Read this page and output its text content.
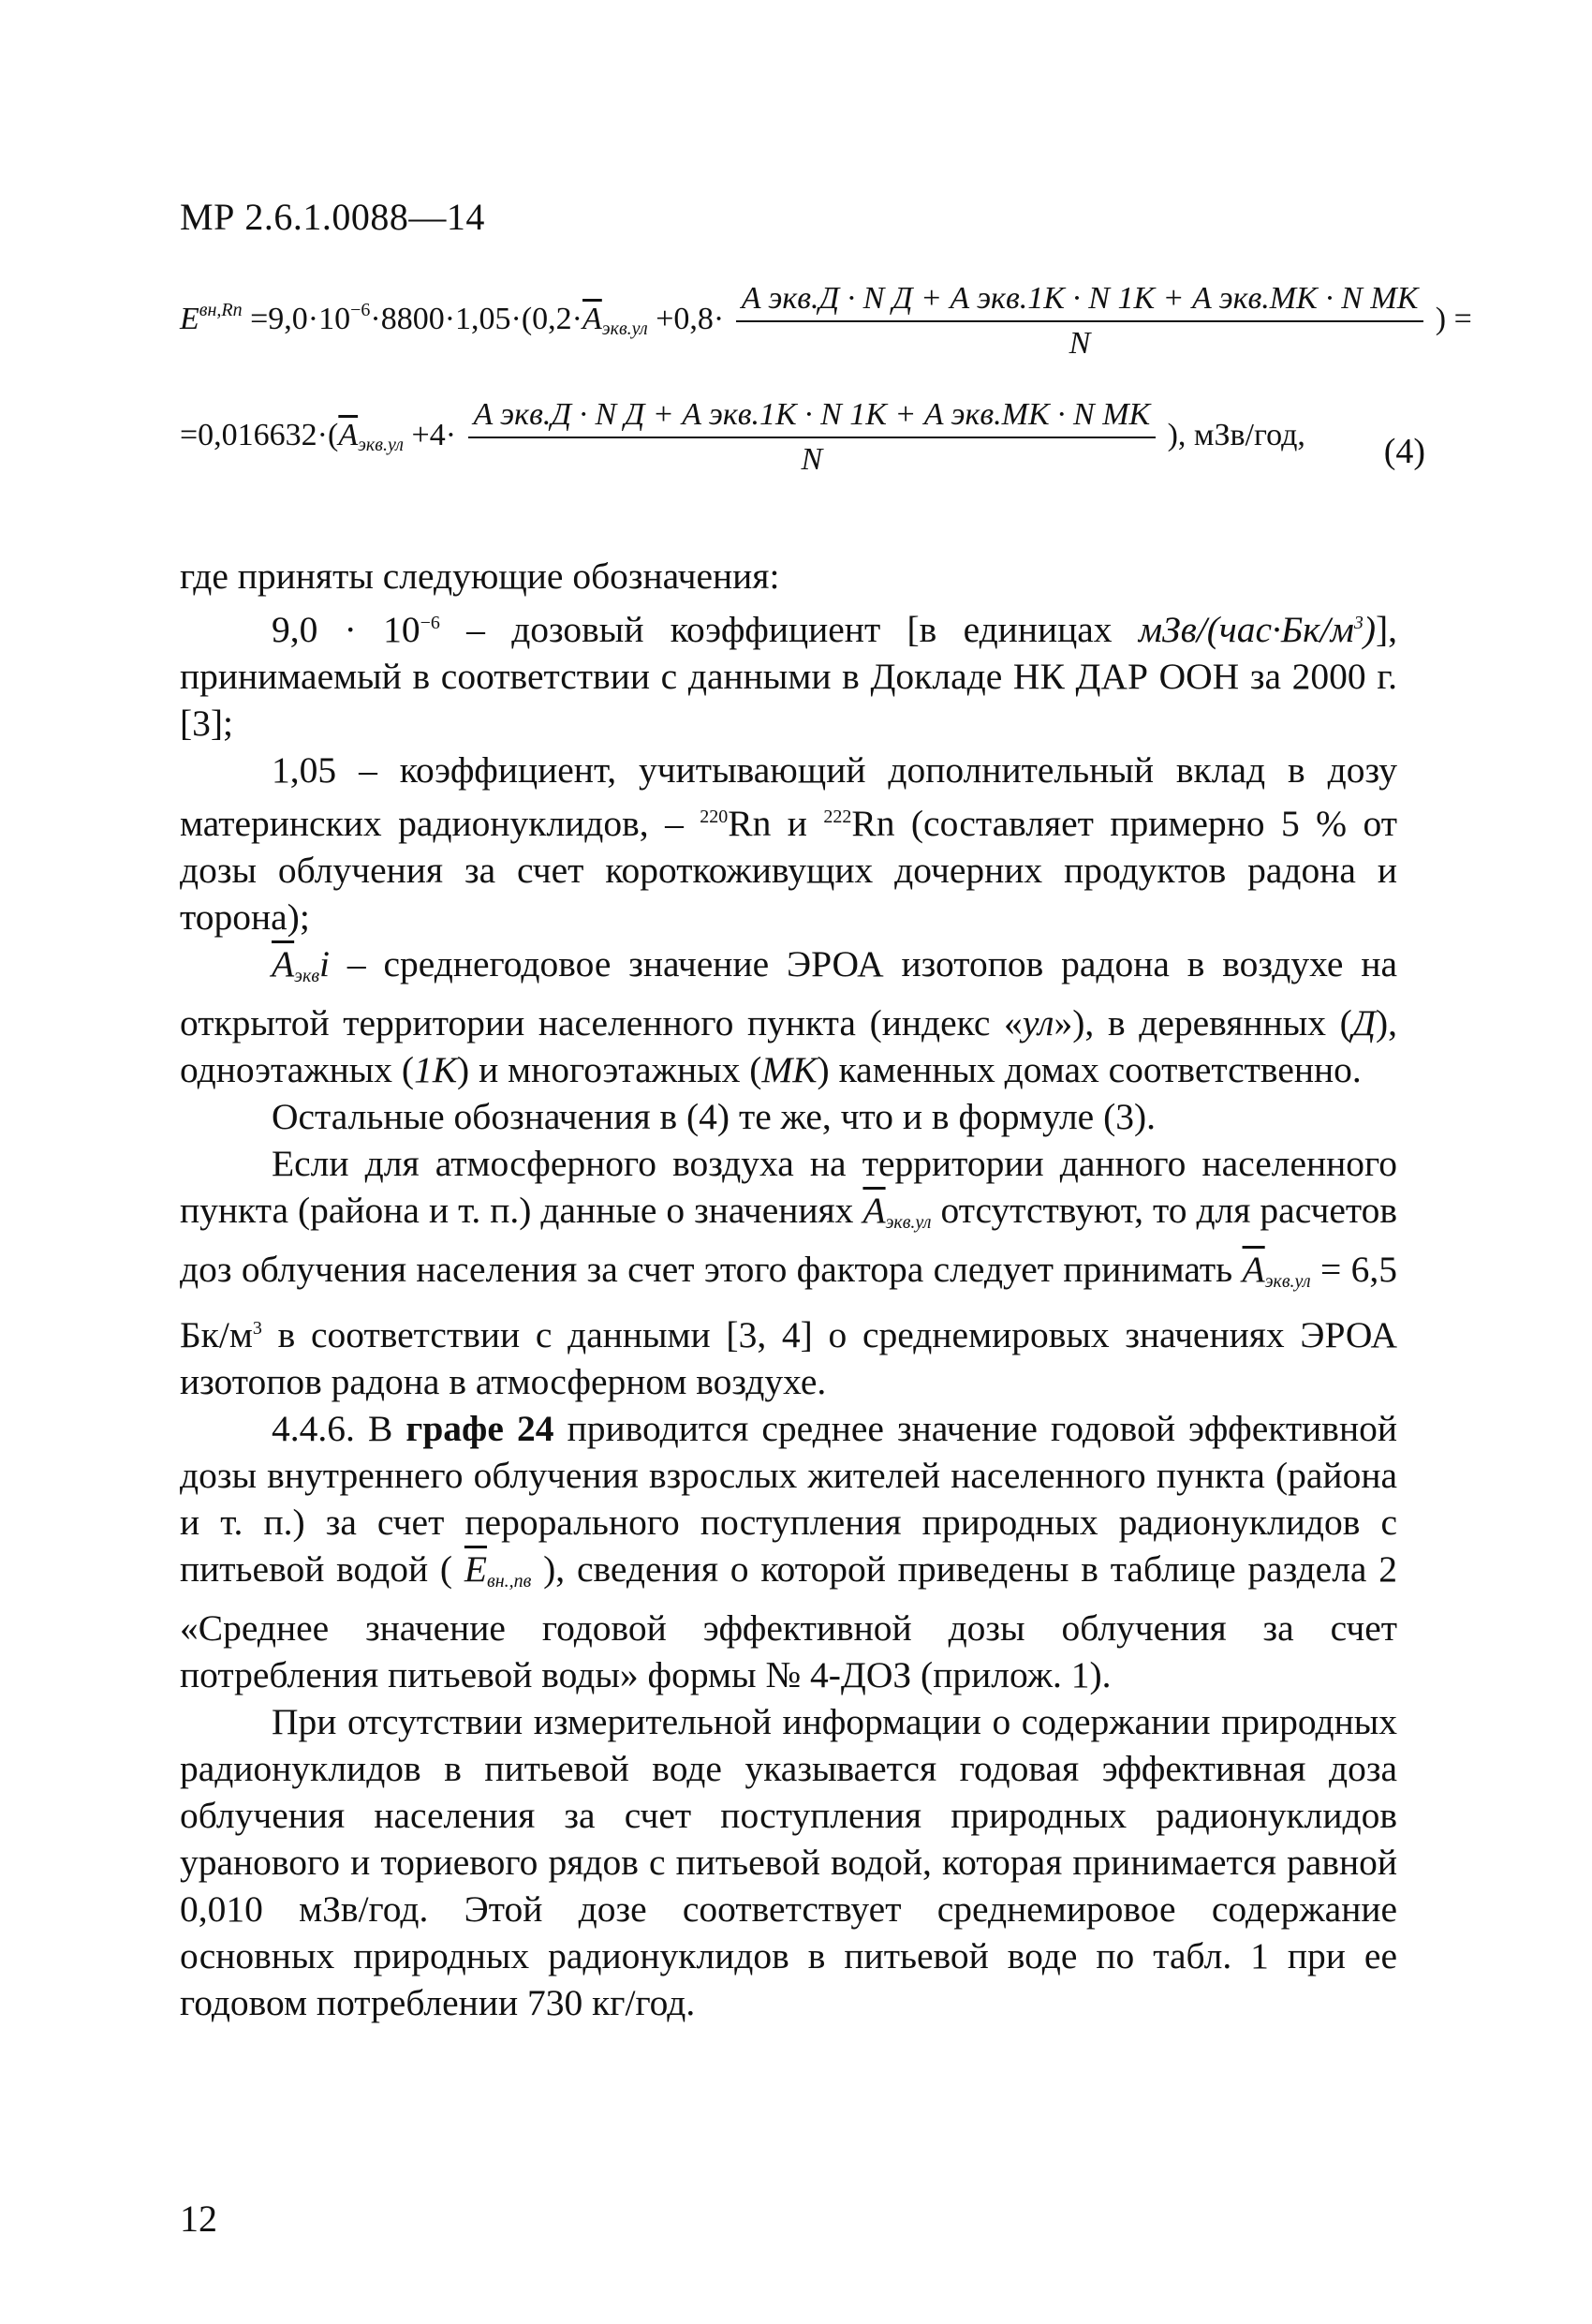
МР 2.6.1.0088—14
$E^{вн,Rn} =9,0\cdot 10^{-6}\cdot 8800\cdot 1,05\cdot(0,2\cdot\overline{A}_{экв.ул} +0,8\cdot \frac{\text{A экв.Д · N Д + A экв.1К · N 1К + A экв.МК · N МК}}{N}$ ) =
$=0,016632\cdot(\overline{A}_{экв.ул} +4\cdot \frac{\text{A экв.Д · N Д + A экв.1К · N 1К + A экв.МК · N МК}}{N}$ ), мЗв/год, (4)

где приняты следующие обозначения:

$9,0 \cdot 10^{-6}$ – дозовый коэффициент [в единицах мЗв/$(час\cdot Бк/м^3)$], принимаемый в соответствии с данными в Докладе НК ДАР ООН за 2000 г. [3];

1,05 – коэффициент, учитывающий дополнительный вклад в дозу материнских радионуклидов, – $^{220}$Rn и $^{222}$Rn (составляет примерно 5 % от дозы облучения за счет короткоживущих дочерних продуктов радона и торона);

$\overline{A}_{экв}i$ – среднегодовое значение ЭРОА изотопов радона в воздухе на открытой территории населенного пункта (индекс «ул»), в деревянных (Д), одноэтажных (1К) и многоэтажных (МК) каменных домах соответственно.

Остальные обозначения в (4) те же, что и в формуле (3).

Если для атмосферного воздуха на территории данного населенного пункта (района и т. п.) данные о значениях $\overline{A}_{экв.ул}$ отсутствуют, то для расчетов доз облучения населения за счет этого фактора следует принимать $\overline{A}_{экв.ул} = 6,5$ $Бк/м^3$ в соответствии с данными [3, 4] о среднемировых значениях ЭРОА изотопов радона в атмосферном воздухе.

4.4.6. В графе 24 приводится среднее значение годовой эффективной дозы внутреннего облучения взрослых жителей населенного пункта (района и т. п.) за счет перорального поступления природных радионуклидов с питьевой водой ( $\overline{E}_{вн.,пв}$ ), сведения о которой приведены в таблице раздела 2 «Среднее значение годовой эффективной дозы облучения за счет потребления питьевой воды» формы № 4-ДОЗ (прилож. 1).

При отсутствии измерительной информации о содержании природных радионуклидов в питьевой воде указывается годовая эффективная доза облучения населения за счет поступления природных радионуклидов уранового и ториевого рядов с питьевой водой, которая принимается равной 0,010 мЗв/год. Этой дозе соответствует среднемировое содержание основных природных радионуклидов в питьевой воде по табл. 1 при ее годовом потреблении 730 кг/год.

12
